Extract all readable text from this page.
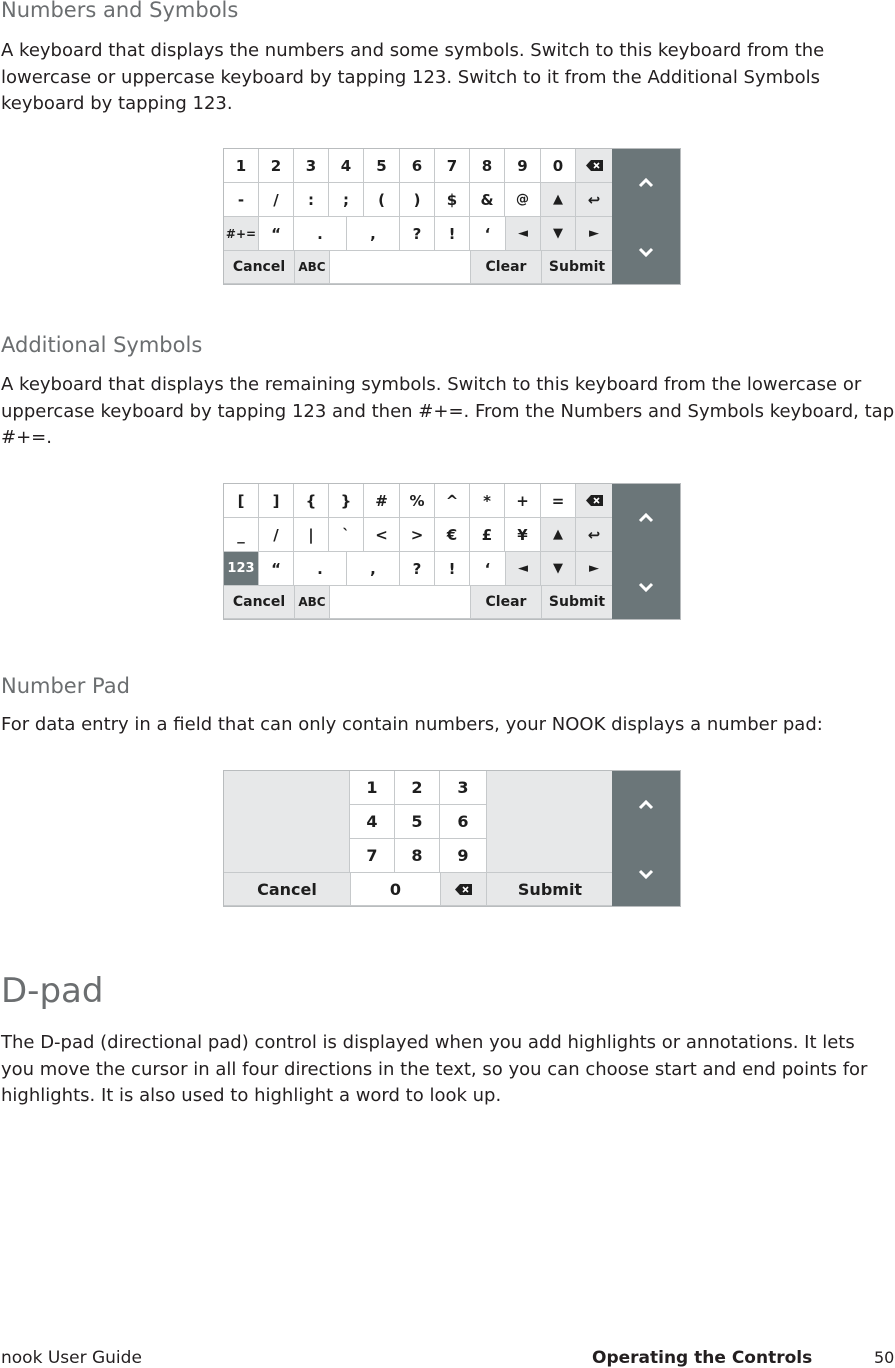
Numbers and Symbols
A keyboard that displays the numbers and some symbols. Switch to this keyboard from the
lowercase or uppercase keyboard by tapping 123. Switch to it from the Additional Symbols
keyboard by tapping 123.
1	2	3	4	5	6	7	8	9	0
-	/	:	;	(	)	$	&	@	▲	↩
#+= “	.	,	?	!	‘	◄	▼	►
Cancel	ABC	Clear	Submit
Additional Symbols
A keyboard that displays the remaining symbols. Switch to this keyboard from the lowercase or
uppercase keyboard by tapping 123 and then #+=. From the Numbers and Symbols keyboard, tap
#+=.
[	]	{	}	#	%	^	*	+	=
_	/	|	`	<	>	€	£	¥	▲	↩
123	“	.	,	?	!	‘	◄	▼	►
Cancel	ABC	Clear	Submit
Number Pad
For data entry in a field that can only contain numbers, your NOOK displays a number pad:
1	2	3
4	5	6
7	8	9
Cancel	0	Submit
D-pad
The D-pad (directional pad) control is displayed when you add highlights or annotations. It lets
you move the cursor in all four directions in the text, so you can choose start and end points for
highlights. It is also used to highlight a word to look up.
nook User Guide	Operating the Controls	50
